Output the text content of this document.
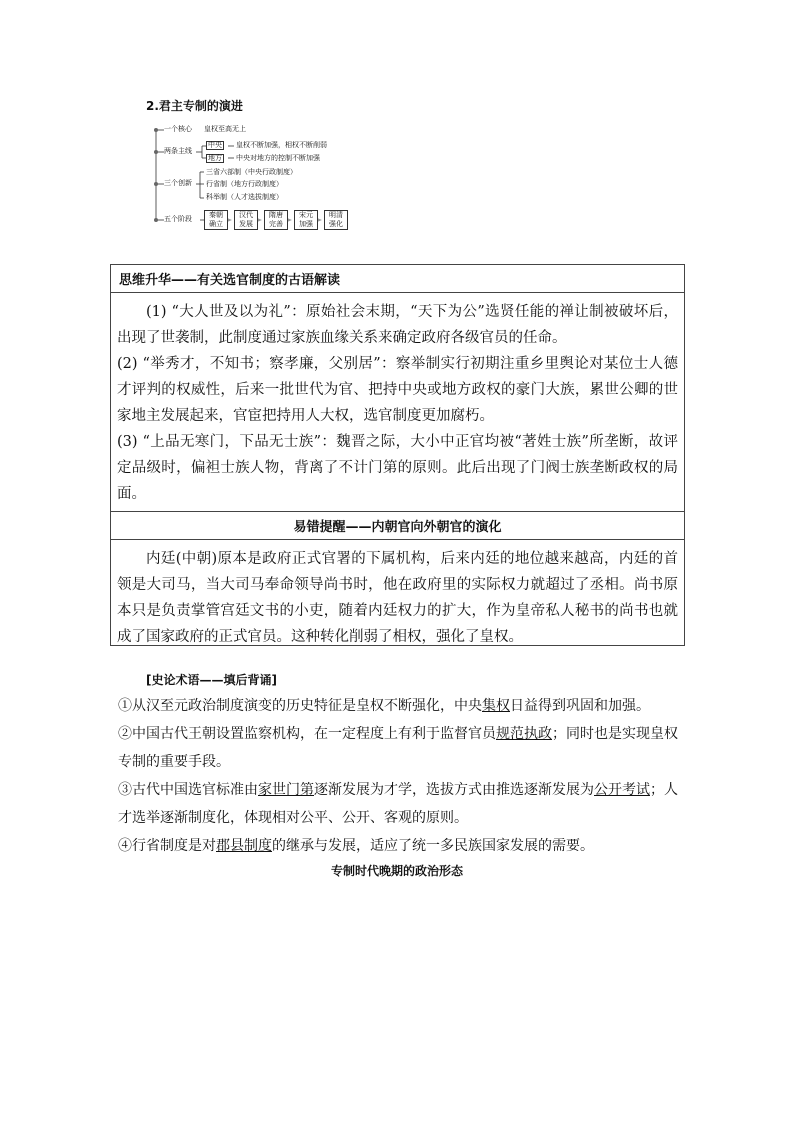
2.君主专制的演进
一个核心 皇权至高无上
两条主线
中央 皇权不断加强，相权不断削弱
地方 中央对地方的控制不断加强
三个创新
三省六部制（中央行政制度）
行省制（地方行政制度）
科举制（人才选拔制度）
五个阶段	秦朝
确立
汉代
发展
隋唐
完善
宋元
加强
明清
强化
思维升华——有关选官制度的古语解读

(1) “大人世及以为礼”：原始社会末期，“天下为公”选贤任能的禅让制被破坏后，出现了世袭制，此制度通过家族血缘关系来确定政府各级官员的任命。

(2) “举秀才，不知书；察孝廉，父别居”：察举制实行初期注重乡里舆论对某位士人德才评判的权威性，后来一批世代为官、把持中央或地方政权的豪门大族，累世公卿的世家地主发展起来，官宦把持用人大权，选官制度更加腐朽。

(3) “上品无寒门，下品无士族”：魏晋之际，大小中正官均被“著姓士族”所垄断，故评定品级时，偏袒士族人物，背离了不计门第的原则。此后出现了门阀士族垄断政权的局面。

易错提醒——内朝官向外朝官的演化

内廷(中朝)原本是政府正式官署的下属机构，后来内廷的地位越来越高，内廷的首领是大司马，当大司马奉命领导尚书时，他在政府里的实际权力就超过了丞相。尚书原本只是负责掌管宫廷文书的小吏，随着内廷权力的扩大，作为皇帝私人秘书的尚书也就成了国家政府的正式官员。这种转化削弱了相权，强化了皇权。

[史论术语——填后背诵]

①从汉至元政治制度演变的历史特征是皇权不断强化，中央集权日益得到巩固和加强。

②中国古代王朝设置监察机构，在一定程度上有利于监督官员规范执政；同时也是实现皇权专制的重要手段。

③古代中国选官标准由家世门第逐渐发展为才学，选拔方式由推选逐渐发展为公开考试；人才选举逐渐制度化，体现相对公平、公开、客观的原则。

④行省制度是对郡县制度的继承与发展，适应了统一多民族国家发展的需要。

专制时代晚期的政治形态
